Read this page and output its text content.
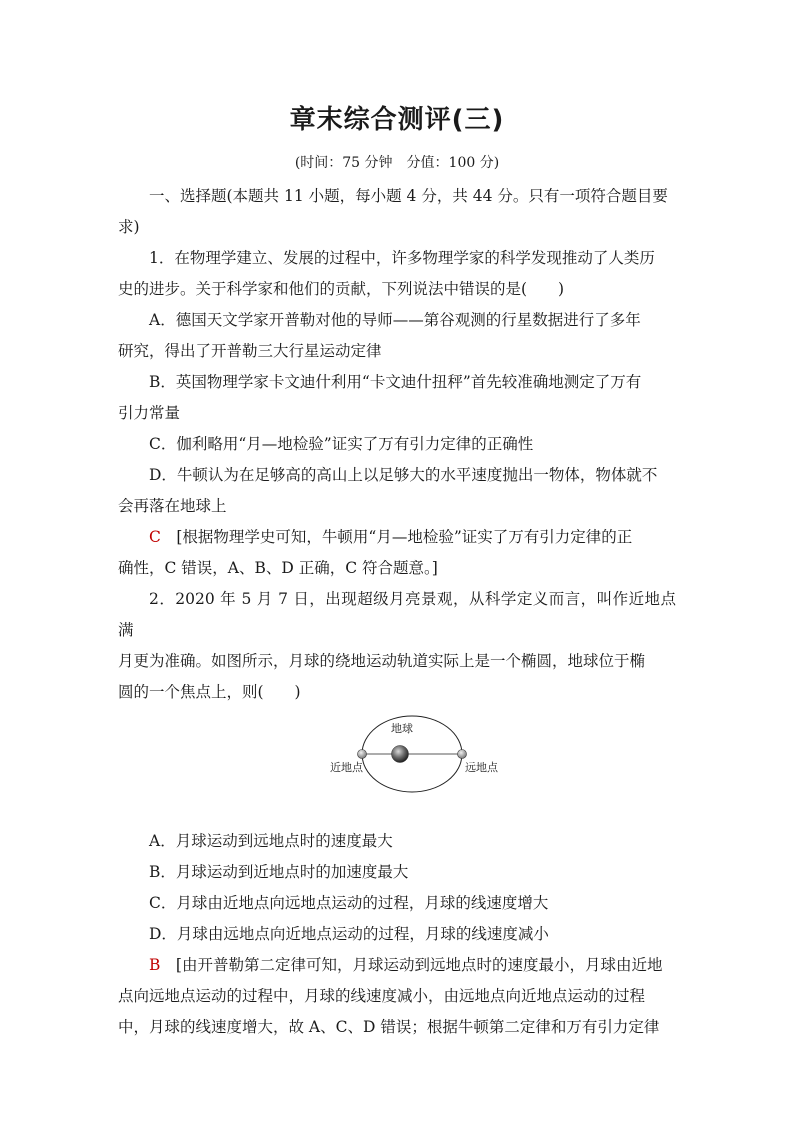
章末综合测评(三)
(时间：75 分钟　分值：100 分)

一、选择题(本题共 11 小题，每小题 4 分，共 44 分。只有一项符合题目要
求)

1．在物理学建立、发展的过程中，许多物理学家的科学发现推动了人类历
史的进步。关于科学家和他们的贡献，下列说法中错误的是(　　)

A．德国天文学家开普勒对他的导师——第谷观测的行星数据进行了多年
研究，得出了开普勒三大行星运动定律

B．英国物理学家卡文迪什利用“卡文迪什扭秤”首先较准确地测定了万有
引力常量

C．伽利略用“月—地检验”证实了万有引力定律的正确性

D．牛顿认为在足够高的高山上以足够大的水平速度抛出一物体，物体就不
会再落在地球上

C　[根据物理学史可知，牛顿用“月—地检验”证实了万有引力定律的正
确性，C 错误，A、B、D 正确，C 符合题意。]

2．2020 年 5 月 7 日，出现超级月亮景观，从科学定义而言，叫作近地点满
月更为准确。如图所示，月球的绕地运动轨道实际上是一个椭圆，地球位于椭
圆的一个焦点上，则(　　)

地球
近地点	远地点

A．月球运动到远地点时的速度最大

B．月球运动到近地点时的加速度最大

C．月球由近地点向远地点运动的过程，月球的线速度增大

D．月球由远地点向近地点运动的过程，月球的线速度减小

B　[由开普勒第二定律可知，月球运动到远地点时的速度最小，月球由近地
点向远地点运动的过程中，月球的线速度减小，由远地点向近地点运动的过程
中，月球的线速度增大，故 A、C、D 错误；根据牛顿第二定律和万有引力定律
